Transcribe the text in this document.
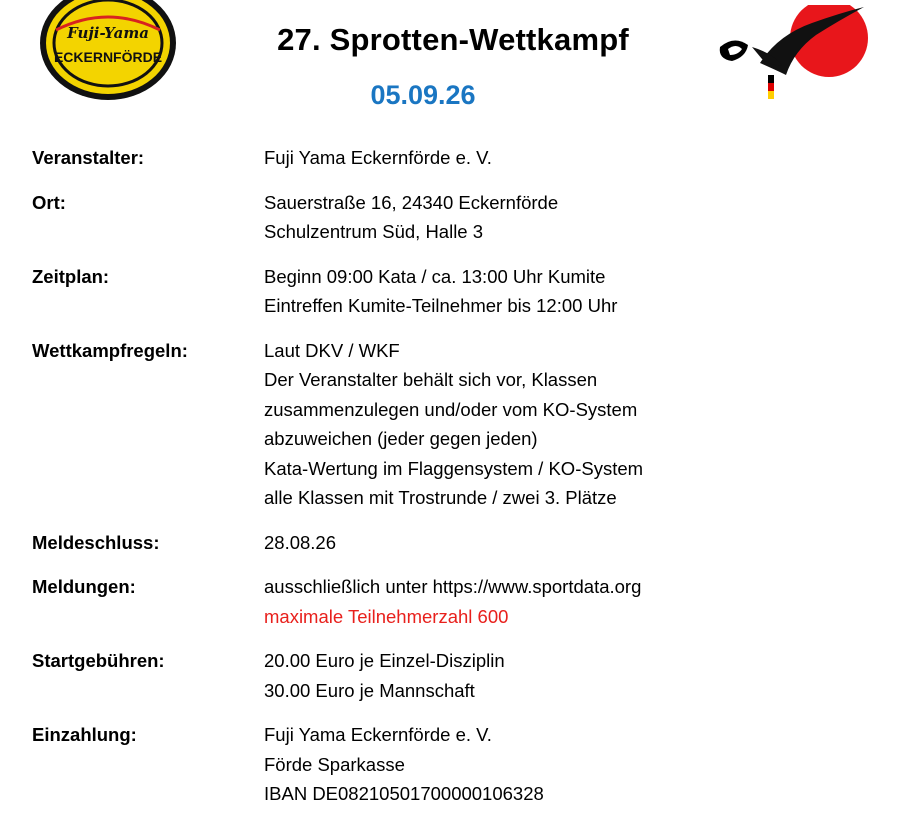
Fuji-Yama
ECKERNFÖRDE	27. Sprotten-Wettkampf
05.09.26
Veranstalter:	Fuji Yama Eckernförde e. V.
Ort:	Sauerstraße 16, 24340 Eckernförde
Schulzentrum Süd, Halle 3
Zeitplan:	Beginn 09:00 Kata / ca. 13:00 Uhr Kumite
Eintreffen Kumite-Teilnehmer bis 12:00 Uhr
Wettkampfregeln:	Laut DKV / WKF
Der Veranstalter behält sich vor, Klassen
zusammenzulegen und/oder vom KO-System
abzuweichen (jeder gegen jeden)
Kata-Wertung im Flaggensystem / KO-System
alle Klassen mit Trostrunde / zwei 3. Plätze
Meldeschluss:	28.08.26
Meldungen:	ausschließlich unter https://www.sportdata.org
maximale Teilnehmerzahl 600
Startgebühren:	20.00 Euro je Einzel-Disziplin
30.00 Euro je Mannschaft
Einzahlung:	Fuji Yama Eckernförde e. V.
Förde Sparkasse
IBAN DE08210501700000106328
